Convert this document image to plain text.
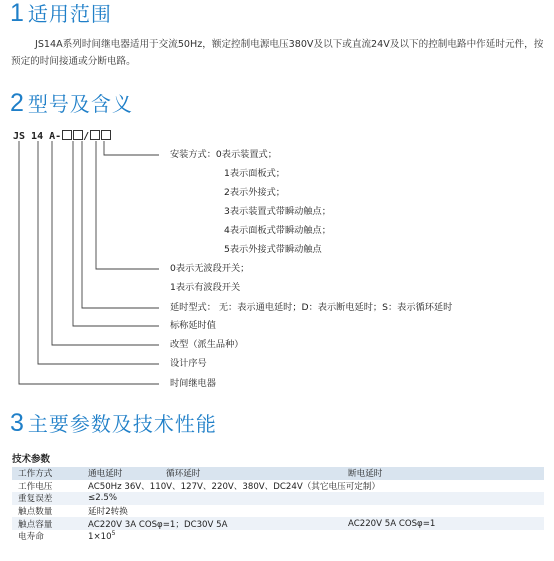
1 适用范围

JS14A系列时间继电器适用于交流50Hz，额定控制电源电压380V及以下或直流24V及以下的控制电路中作延时元件，按预定的时间接通或分断电路。

2 型号及含义
JS 14 A- /
安装方式：0表示装置式；
1表示面板式；
2表示外接式；
3表示装置式带瞬动触点；
4表示面板式带瞬动触点；
5表示外接式带瞬动触点
0表示无波段开关；
1表示有波段开关
延时型式： 无：表示通电延时；D：表示断电延时；S：表示循环延时
标称延时值
改型（派生品种）
设计序号
时间继电器
3 主要参数及技术性能
技术参数
工作方式	通电延时	循环延时	断电延时
工作电压	AC50Hz 36V、110V、127V、220V、380V、DC24V（其它电压可定制）		
重复误差	≤2.5%		
触点数量	延时2转换		
触点容量	AC220V 3A COSφ=1；DC30V 5A		AC220V 5A COSφ=1
电寿命	$1\times 10^5$
